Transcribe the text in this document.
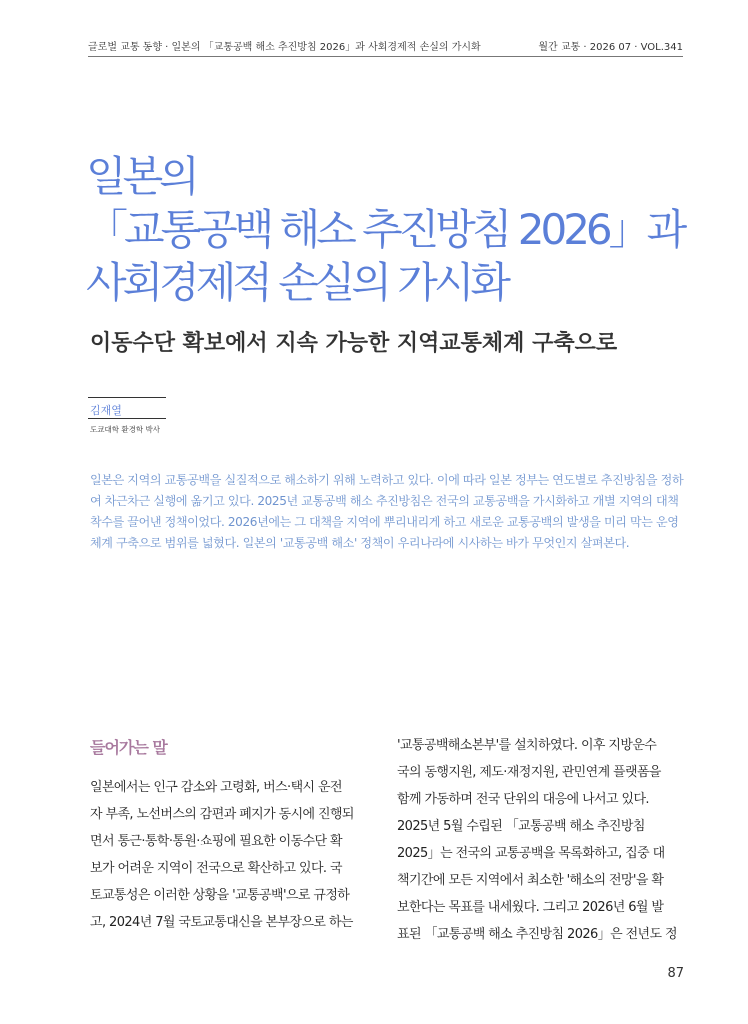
글로벌 교통 동향 · 일본의 「교통공백 해소 추진방침 2026」과 사회경제적 손실의 가시화	월간 교통 · 2026 07 · VOL.341
일본의
「교통공백 해소 추진방침 2026」과
사회경제적 손실의 가시화
이동수단 확보에서 지속 가능한 지역교통체계 구축으로
김재열
도쿄대학 환경학 박사

일본은 지역의 교통공백을 실질적으로 해소하기 위해 노력하고 있다. 이에 따라 일본 정부는 연도별로 추진방침을 정하여 차근차근 실행에 옮기고 있다. 2025년 교통공백 해소 추진방침은 전국의 교통공백을 가시화하고 개별 지역의 대책 착수를 끌어낸 정책이었다. 2026년에는 그 대책을 지역에 뿌리내리게 하고 새로운 교통공백의 발생을 미리 막는 운영체계 구축으로 범위를 넓혔다. 일본의 '교통공백 해소' 정책이 우리나라에 시사하는 바가 무엇인지 살펴본다.

들어가는 말
일본에서는 인구 감소와 고령화, 버스·택시 운전
자 부족, 노선버스의 감편과 폐지가 동시에 진행되
면서 통근·통학·통원·쇼핑에 필요한 이동수단 확
보가 어려운 지역이 전국으로 확산하고 있다. 국
토교통성은 이러한 상황을 '교통공백'으로 규정하
고, 2024년 7월 국토교통대신을 본부장으로 하는
'교통공백해소본부'를 설치하였다. 이후 지방운수
국의 동행지원, 제도·재정지원, 관민연계 플랫폼을
함께 가동하며 전국 단위의 대응에 나서고 있다.
2025년 5월 수립된 「교통공백 해소 추진방침
2025」는 전국의 교통공백을 목록화하고, 집중 대
책기간에 모든 지역에서 최소한 '해소의 전망'을 확
보한다는 목표를 내세웠다. 그리고 2026년 6월 발
표된 「교통공백 해소 추진방침 2026」은 전년도 정
87
